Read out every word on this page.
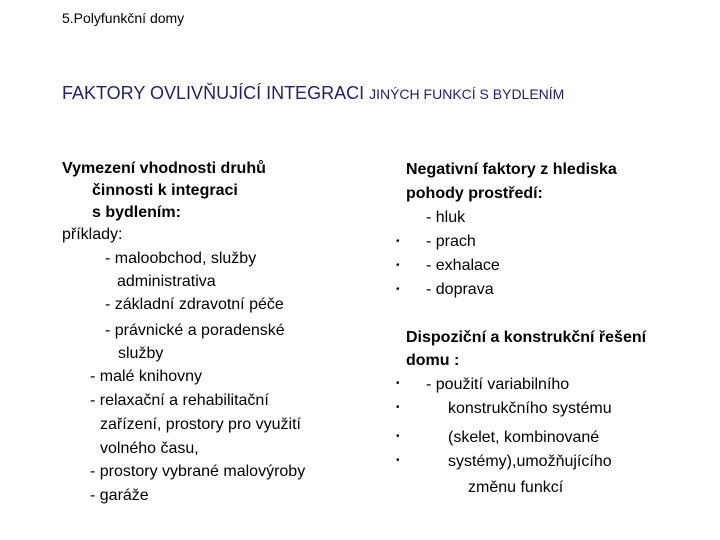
5.Polyfunkční domy
FAKTORY OVLIVŇUJÍCÍ INTEGRACI JINÝCH FUNKCÍ S BYDLENÍM
Vymezení vhodnosti druhů
činnosti k integraci
s bydlením:
příklady:
- maloobchod, služby
administrativa
- základní zdravotní péče
- právnické a poradenské
služby
- malé knihovny
- relaxační a rehabilitační
zařízení, prostory pro využití
volného času,
- prostory vybrané malovýroby
- garáže
Negativní faktory z hlediska
pohody prostředí:
- hluk
• - prach
• - exhalace
• - doprava
Dispoziční a konstrukční řešení
domu :
• - použití variabilního
•	konstrukčního systému
•	(skelet, kombinované
•	systémy),umožňujícího
změnu funkcí
